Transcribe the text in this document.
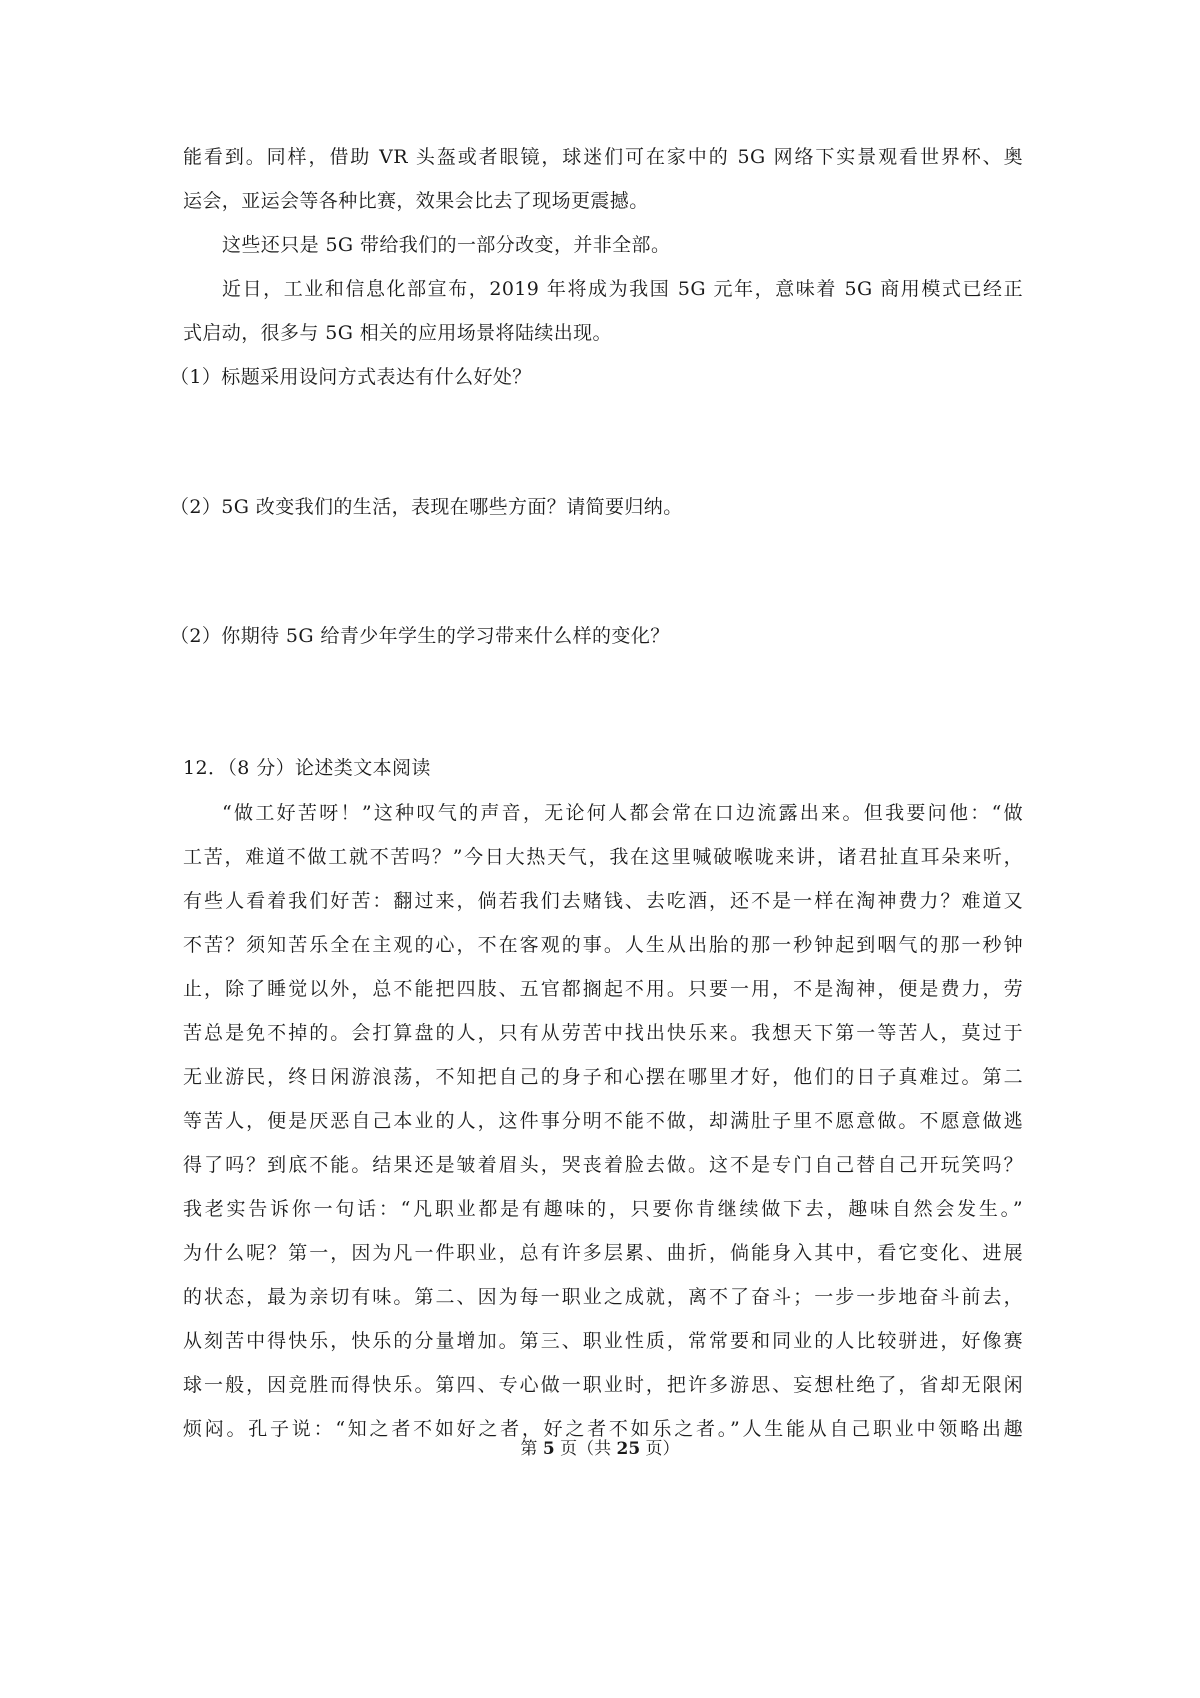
能看到。同样，借助 VR 头盔或者眼镜，球迷们可在家中的 5G 网络下实景观看世界杯、奥
运会，亚运会等各种比赛，效果会比去了现场更震撼。
这些还只是 5G 带给我们的一部分改变，并非全部。
近日，工业和信息化部宣布，2019 年将成为我国 5G 元年，意味着 5G 商用模式已经正
式启动，很多与 5G 相关的应用场景将陆续出现。
（1）标题采用设问方式表达有什么好处？
（2）5G 改变我们的生活，表现在哪些方面？请简要归纳。
（2）你期待 5G 给青少年学生的学习带来什么样的变化？
12．（8 分）论述类文本阅读
“做工好苦呀！”这种叹气的声音，无论何人都会常在口边流露出来。但我要问他：“做
工苦，难道不做工就不苦吗？”今日大热天气，我在这里喊破喉咙来讲，诸君扯直耳朵来听，
有些人看着我们好苦：翻过来，倘若我们去赌钱、去吃酒，还不是一样在淘神费力？难道又
不苦？须知苦乐全在主观的心，不在客观的事。人生从出胎的那一秒钟起到咽气的那一秒钟
止，除了睡觉以外，总不能把四肢、五官都搁起不用。只要一用，不是淘神，便是费力，劳
苦总是免不掉的。会打算盘的人，只有从劳苦中找出快乐来。我想天下第一等苦人，莫过于
无业游民，终日闲游浪荡，不知把自己的身子和心摆在哪里才好，他们的日子真难过。第二
等苦人，便是厌恶自己本业的人，这件事分明不能不做，却满肚子里不愿意做。不愿意做逃
得了吗？到底不能。结果还是皱着眉头，哭丧着脸去做。这不是专门自己替自己开玩笑吗？
我老实告诉你一句话：“凡职业都是有趣味的，只要你肯继续做下去，趣味自然会发生。”
为什么呢？第一，因为凡一件职业，总有许多层累、曲折，倘能身入其中，看它变化、进展
的状态，最为亲切有味。第二、因为每一职业之成就，离不了奋斗；一步一步地奋斗前去，
从刻苦中得快乐，快乐的分量增加。第三、职业性质，常常要和同业的人比较骈进，好像赛
球一般，因竞胜而得快乐。第四、专心做一职业时，把许多游思、妄想杜绝了，省却无限闲
烦闷。孔子说：“知之者不如好之者，好之者不如乐之者。”人生能从自己职业中领略出趣
第 5 页（共 25 页）
